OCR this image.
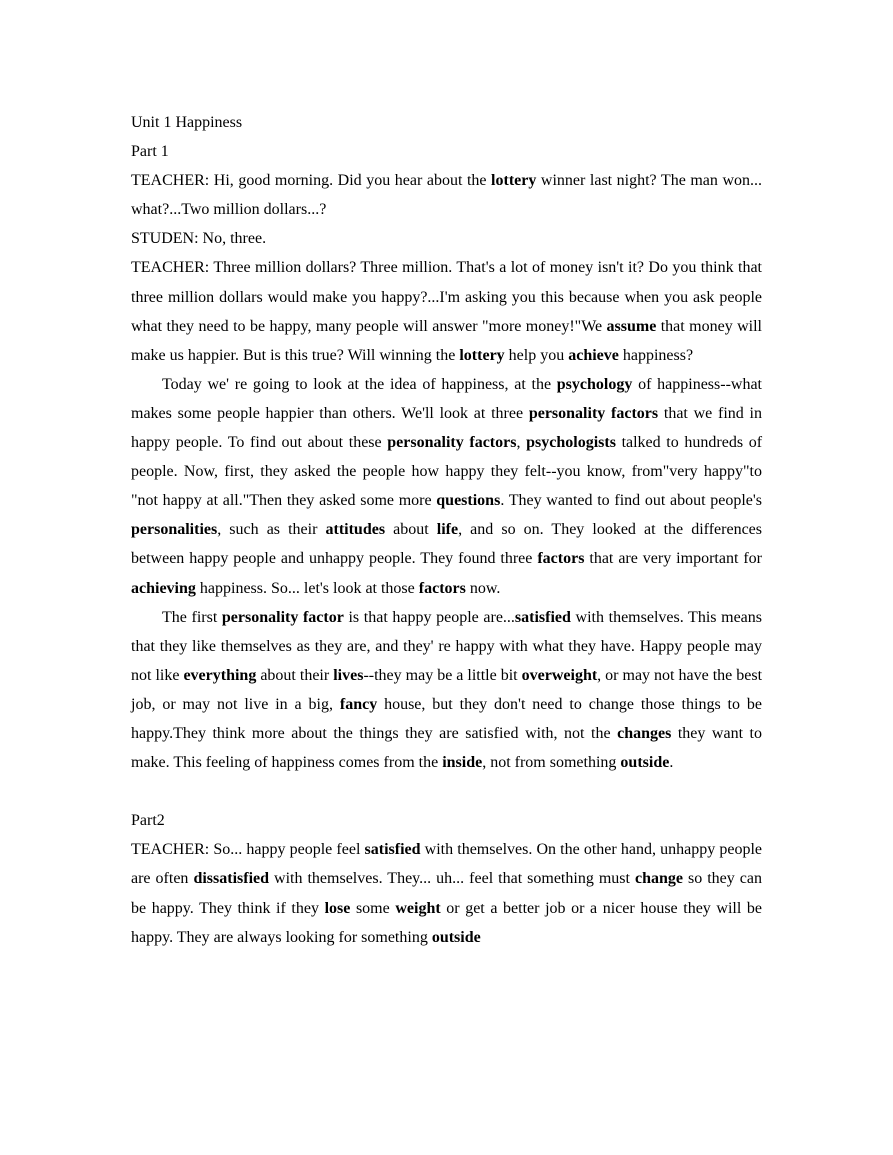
Unit 1 Happiness

Part 1

TEACHER: Hi, good morning. Did you hear about the lottery winner last night? The man won... what?...Two million dollars...?

STUDEN: No, three.

TEACHER: Three million dollars? Three million. That's a lot of money isn't it? Do you think that three million dollars would make you happy?...I'm asking you this because when you ask people what they need to be happy, many people will answer "more money!"We assume that money will make us happier. But is this true? Will winning the lottery help you achieve happiness?

Today we' re going to look at the idea of happiness, at the psychology of happiness--what makes some people happier than others. We'll look at three personality factors that we find in happy people. To find out about these personality factors, psychologists talked to hundreds of people. Now, first, they asked the people how happy they felt--you know, from"very happy"to "not happy at all."Then they asked some more questions. They wanted to find out about people's personalities, such as their attitudes about life, and so on. They looked at the differences between happy people and unhappy people. They found three factors that are very important for achieving happiness. So... let's look at those factors now.

The first personality factor is that happy people are...satisfied with themselves. This means that they like themselves as they are, and they' re happy with what they have. Happy people may not like everything about their lives--they may be a little bit overweight, or may not have the best job, or may not live in a big, fancy house, but they don't need to change those things to be happy.They think more about the things they are satisfied with, not the changes they want to make. This feeling of happiness comes from the inside, not from something outside.

Part2

TEACHER: So... happy people feel satisfied with themselves. On the other hand, unhappy people are often dissatisfied with themselves. They... uh... feel that something must change so they can be happy. They think if they lose some weight or get a better job or a nicer house they will be happy. They are always looking for something outside
